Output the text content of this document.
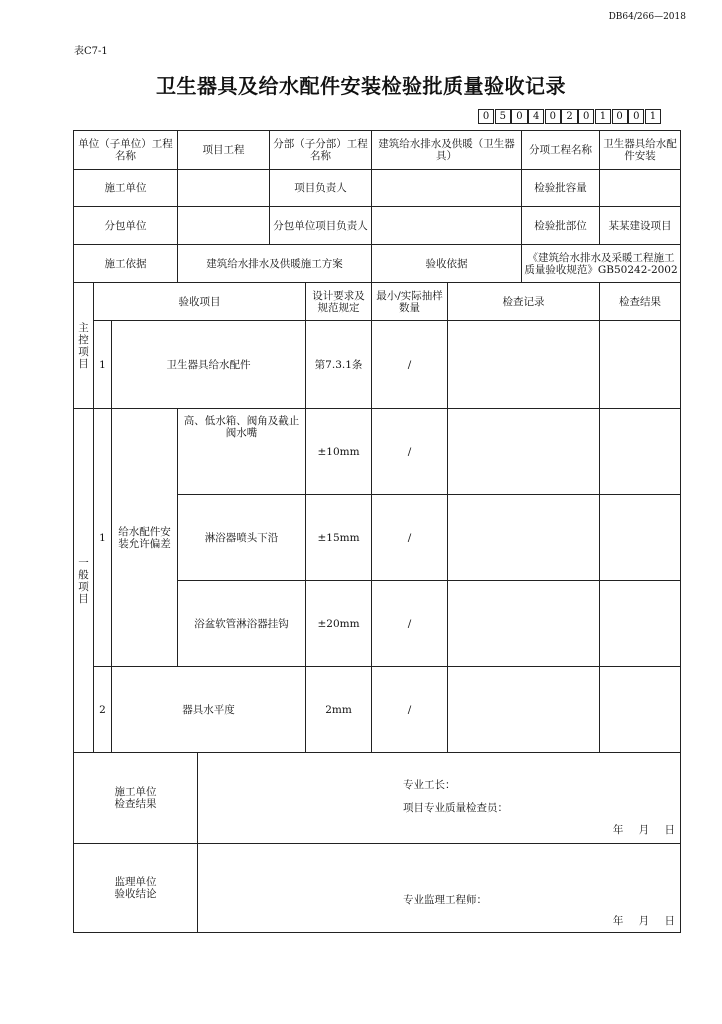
DB64/266—2018
表C7-1
卫生器具及给水配件安装检验批质量验收记录
0	5	0	4	0	2	0	1	0	0	1
单位（子单位）工程名称			项目工程		分部（子分部）工程名称		建筑给水排水及供暖（卫生器具）		分项工程名称	卫生器具给水配件安装
施工单位					项目负责人				检验批容量	
分包单位					分包单位项目负责人				检验批部位	某某建设项目
施工依据			建筑给水排水及供暖施工方案				验收依据		《建筑给水排水及采暖工程施工质量验收规范》GB50242-2002	
主控项目	验收项目					设计要求及规范规定	最小/实际抽样数量	检查记录		检查结果
	1	卫生器具给水配件				第7.3.1条	/			
一般项目	1	给水配件安装允许偏差	高、低水箱、阀角及截止阀水嘴			±10mm	/			
			淋浴器喷头下沿			±15mm	/			
			浴盆软管淋浴器挂钩			±20mm	/			
	2	器具水平度				2mm	/			
施工单位检查结果				专业工长：
项目专业质量检查员：
年 月 日						

监理单位验收结论				专业监理工程师：
年 月 日						
